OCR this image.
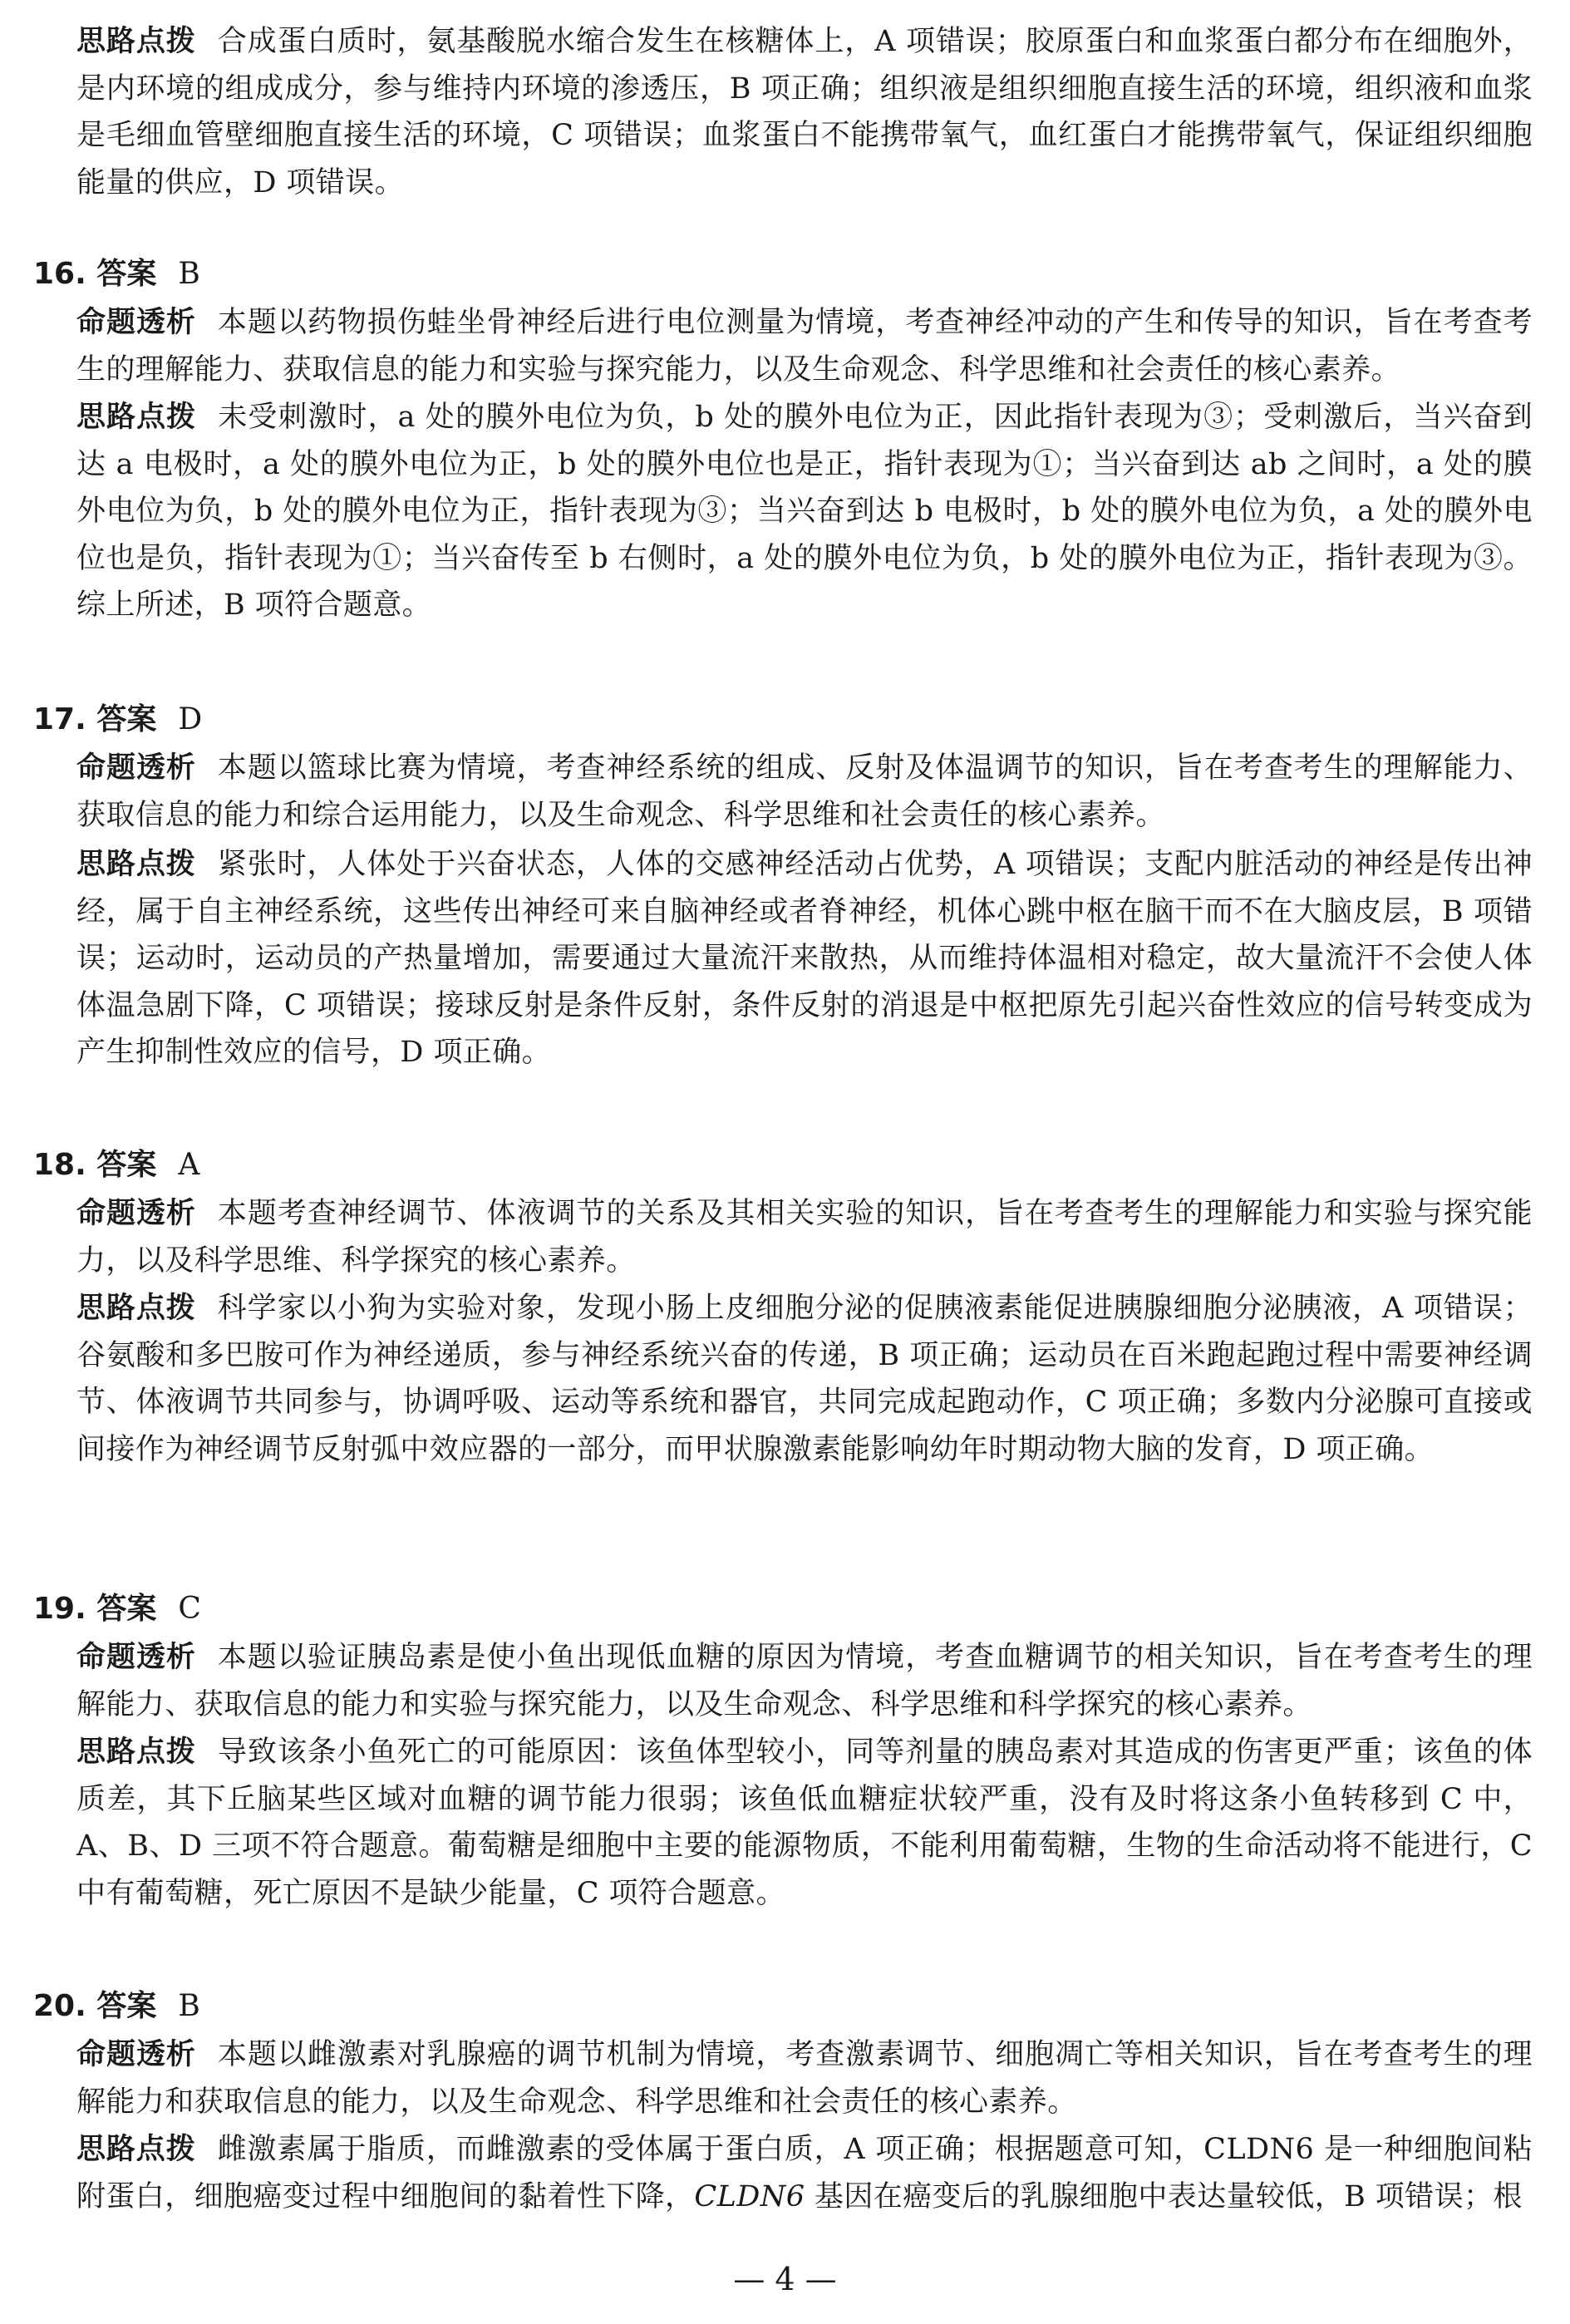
思路点拨 合成蛋白质时，氨基酸脱水缩合发生在核糖体上，A 项错误；胶原蛋白和血浆蛋白都分布在细胞外，是内环境的组成成分，参与维持内环境的渗透压，B 项正确；组织液是组织细胞直接生活的环境，组织液和血浆是毛细血管壁细胞直接生活的环境，C 项错误；血浆蛋白不能携带氧气，血红蛋白才能携带氧气，保证组织细胞能量的供应，D 项错误。
16. 答案 B
命题透析 本题以药物损伤蛙坐骨神经后进行电位测量为情境，考查神经冲动的产生和传导的知识，旨在考查考生的理解能力、获取信息的能力和实验与探究能力，以及生命观念、科学思维和社会责任的核心素养。
思路点拨 未受刺激时，a 处的膜外电位为负，b 处的膜外电位为正，因此指针表现为③；受刺激后，当兴奋到达 a 电极时，a 处的膜外电位为正，b 处的膜外电位也是正，指针表现为①；当兴奋到达 ab 之间时，a 处的膜外电位为负，b 处的膜外电位为正，指针表现为③；当兴奋到达 b 电极时，b 处的膜外电位为负，a 处的膜外电位也是负，指针表现为①；当兴奋传至 b 右侧时，a 处的膜外电位为负，b 处的膜外电位为正，指针表现为③。综上所述，B 项符合题意。
17. 答案 D
命题透析 本题以篮球比赛为情境，考查神经系统的组成、反射及体温调节的知识，旨在考查考生的理解能力、获取信息的能力和综合运用能力，以及生命观念、科学思维和社会责任的核心素养。
思路点拨 紧张时，人体处于兴奋状态，人体的交感神经活动占优势，A 项错误；支配内脏活动的神经是传出神经，属于自主神经系统，这些传出神经可来自脑神经或者脊神经，机体心跳中枢在脑干而不在大脑皮层，B 项错误；运动时，运动员的产热量增加，需要通过大量流汗来散热，从而维持体温相对稳定，故大量流汗不会使人体体温急剧下降，C 项错误；接球反射是条件反射，条件反射的消退是中枢把原先引起兴奋性效应的信号转变成为产生抑制性效应的信号，D 项正确。
18. 答案 A
命题透析 本题考查神经调节、体液调节的关系及其相关实验的知识，旨在考查考生的理解能力和实验与探究能力，以及科学思维、科学探究的核心素养。
思路点拨 科学家以小狗为实验对象，发现小肠上皮细胞分泌的促胰液素能促进胰腺细胞分泌胰液，A 项错误；谷氨酸和多巴胺可作为神经递质，参与神经系统兴奋的传递，B 项正确；运动员在百米跑起跑过程中需要神经调节、体液调节共同参与，协调呼吸、运动等系统和器官，共同完成起跑动作，C 项正确；多数内分泌腺可直接或间接作为神经调节反射弧中效应器的一部分，而甲状腺激素能影响幼年时期动物大脑的发育，D 项正确。
19. 答案 C
命题透析 本题以验证胰岛素是使小鱼出现低血糖的原因为情境，考查血糖调节的相关知识，旨在考查考生的理解能力、获取信息的能力和实验与探究能力，以及生命观念、科学思维和科学探究的核心素养。
思路点拨 导致该条小鱼死亡的可能原因：该鱼体型较小，同等剂量的胰岛素对其造成的伤害更严重；该鱼的体质差，其下丘脑某些区域对血糖的调节能力很弱；该鱼低血糖症状较严重，没有及时将这条小鱼转移到 C 中，A、B、D 三项不符合题意。葡萄糖是细胞中主要的能源物质，不能利用葡萄糖，生物的生命活动将不能进行，C 中有葡萄糖，死亡原因不是缺少能量，C 项符合题意。
20. 答案 B
命题透析 本题以雌激素对乳腺癌的调节机制为情境，考查激素调节、细胞凋亡等相关知识，旨在考查考生的理解能力和获取信息的能力，以及生命观念、科学思维和社会责任的核心素养。
思路点拨 雌激素属于脂质，而雌激素的受体属于蛋白质，A 项正确；根据题意可知，CLDN6 是一种细胞间粘附蛋白，细胞癌变过程中细胞间的黏着性下降，CLDN6 基因在癌变后的乳腺细胞中表达量较低，B 项错误；根
— 4 —
